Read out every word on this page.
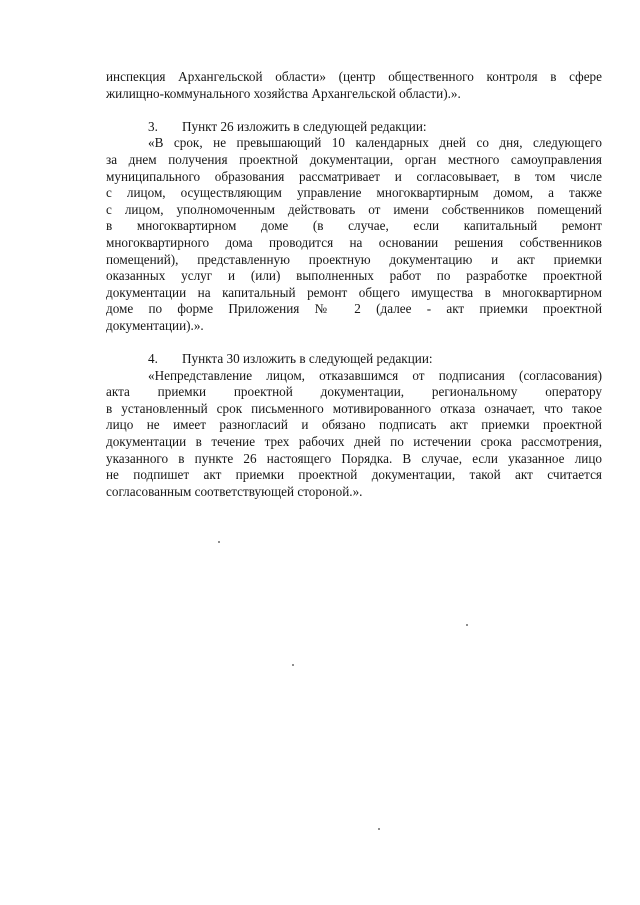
инспекция Архангельской области» (центр общественного контроля в сфере

жилищно-коммунального хозяйства Архангельской области).».

3. Пункт 26 изложить в следующей редакции:

«В срок, не превышающий 10 календарных дней со дня, следующего

за днем получения проектной документации, орган местного самоуправления

муниципального образования рассматривает и согласовывает, в том числе

с лицом, осуществляющим управление многоквартирным домом, а также

с лицом, уполномоченным действовать от имени собственников помещений

в многоквартирном доме (в случае, если капитальный ремонт

многоквартирного дома проводится на основании решения собственников

помещений), представленную проектную документацию и акт приемки

оказанных услуг и (или) выполненных работ по разработке проектной

документации на капитальный ремонт общего имущества в многоквартирном

доме по форме Приложения № 2 (далее - акт приемки проектной

документации).».

4. Пункта 30 изложить в следующей редакции:

«Непредставление лицом, отказавшимся от подписания (согласования)

акта приемки проектной документации, региональному оператору

в установленный срок письменного мотивированного отказа означает, что такое

лицо не имеет разногласий и обязано подписать акт приемки проектной

документации в течение трех рабочих дней по истечении срока рассмотрения,

указанного в пункте 26 настоящего Порядка. В случае, если указанное лицо

не подпишет акт приемки проектной документации, такой акт считается

согласованным соответствующей стороной.».
